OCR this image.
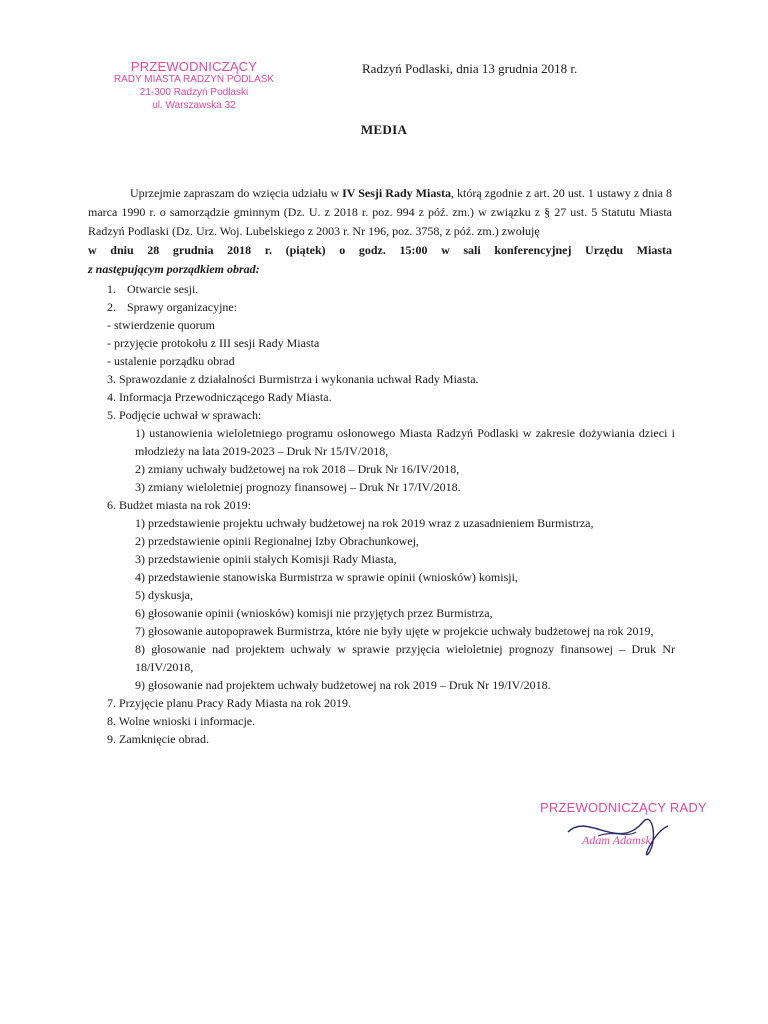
PRZEWODNICZĄCY
RADY MIASTA RADZYŃ PODLASK
21-300 Radzyń Podlaski
ul. Warszawska 32
Radzyń Podlaski, dnia 13 grudnia 2018 r.
MEDIA

Uprzejmie zapraszam do wzięcia udziału w IV Sesji Rady Miasta, którą zgodnie z art. 20 ust. 1 ustawy z dnia 8 marca 1990 r. o samorządzie gminnym (Dz. U. z 2018 r. poz. 994 z póź. zm.) w związku z § 27 ust. 5 Statutu Miasta Radzyń Podlaski (Dz. Urz. Woj. Lubelskiego z 2003 r. Nr 196, poz. 3758, z póź. zm.) zwołuję

w dniu 28 grudnia 2018 r. (piątek) o godz. 15:00 w sali konferencyjnej Urzędu Miasta

z następującym porządkiem obrad:

1. Otwarcie sesji.
2. Sprawy organizacyjne:
- stwierdzenie quorum
- przyjęcie protokołu z III sesji Rady Miasta
- ustalenie porządku obrad
3. Sprawozdanie z działalności Burmistrza i wykonania uchwał Rady Miasta.
4. Informacja Przewodniczącego Rady Miasta.
5. Podjęcie uchwał w sprawach:
1) ustanowienia wieloletniego programu osłonowego Miasta Radzyń Podlaski w zakresie dożywiania dzieci i młodzieży na lata 2019-2023 – Druk Nr 15/IV/2018,
2) zmiany uchwały budżetowej na rok 2018 – Druk Nr 16/IV/2018,
3) zmiany wieloletniej prognozy finansowej – Druk Nr 17/IV/2018.
6. Budżet miasta na rok 2019:
1) przedstawienie projektu uchwały budżetowej na rok 2019 wraz z uzasadnieniem Burmistrza,
2) przedstawienie opinii Regionalnej Izby Obrachunkowej,
3) przedstawienie opinii stałych Komisji Rady Miasta,
4) przedstawienie stanowiska Burmistrza w sprawie opinii (wniosków) komisji,
5) dyskusja,
6) głosowanie opinii (wniosków) komisji nie przyjętych przez Burmistrza,
7) głosowanie autopoprawek Burmistrza, które nie były ujęte w projekcie uchwały budżetowej na rok 2019,
8) głosowanie nad projektem uchwały w sprawie przyjęcia wieloletniej prognozy finansowej – Druk Nr 18/IV/2018,
9) głosowanie nad projektem uchwały budżetowej na rok 2019 – Druk Nr 19/IV/2018.
7. Przyjęcie planu Pracy Rady Miasta na rok 2019.
8. Wolne wnioski i informacje.
9. Zamknięcie obrad.
PRZEWODNICZĄCY RADY
Adam Adamski
